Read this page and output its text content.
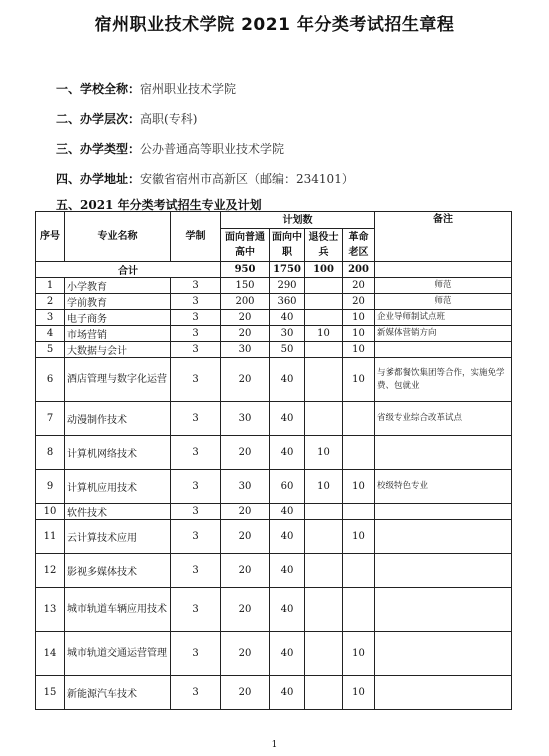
宿州职业技术学院 2021 年分类考试招生章程
一、学校全称：宿州职业技术学院
二、办学层次：高职(专科)
三、办学类型：公办普通高等职业技术学院
四、办学地址：安徽省宿州市高新区（邮编：234101）
五、2021 年分类考试招生专业及计划
序号	专业名称	学制	计划数				备注
			面向普通高中	面向中职	退役士兵	革命老区	
合计			950	1750	100	200	
1	小学教育	3	150	290		20	师范
2	学前教育	3	200	360		20	师范
3	电子商务	3	20	40		10	企业导师制试点班
4	市场营销	3	20	30	10	10	新媒体营销方向
5	大数据与会计	3	30	50		10	
6	酒店管理与数字化运营	3	20	40		10	与爹都餐饮集团等合作，实施免学费、包就业
7	动漫制作技术	3	30	40			省级专业综合改革试点
8	计算机网络技术	3	20	40	10		
9	计算机应用技术	3	30	60	10	10	校级特色专业
10	软件技术	3	20	40			
11	云计算技术应用	3	20	40		10	
12	影视多媒体技术	3	20	40			
13	城市轨道车辆应用技术	3	20	40			
14	城市轨道交通运营管理	3	20	40		10	
15	新能源汽车技术	3	20	40		10	
1
